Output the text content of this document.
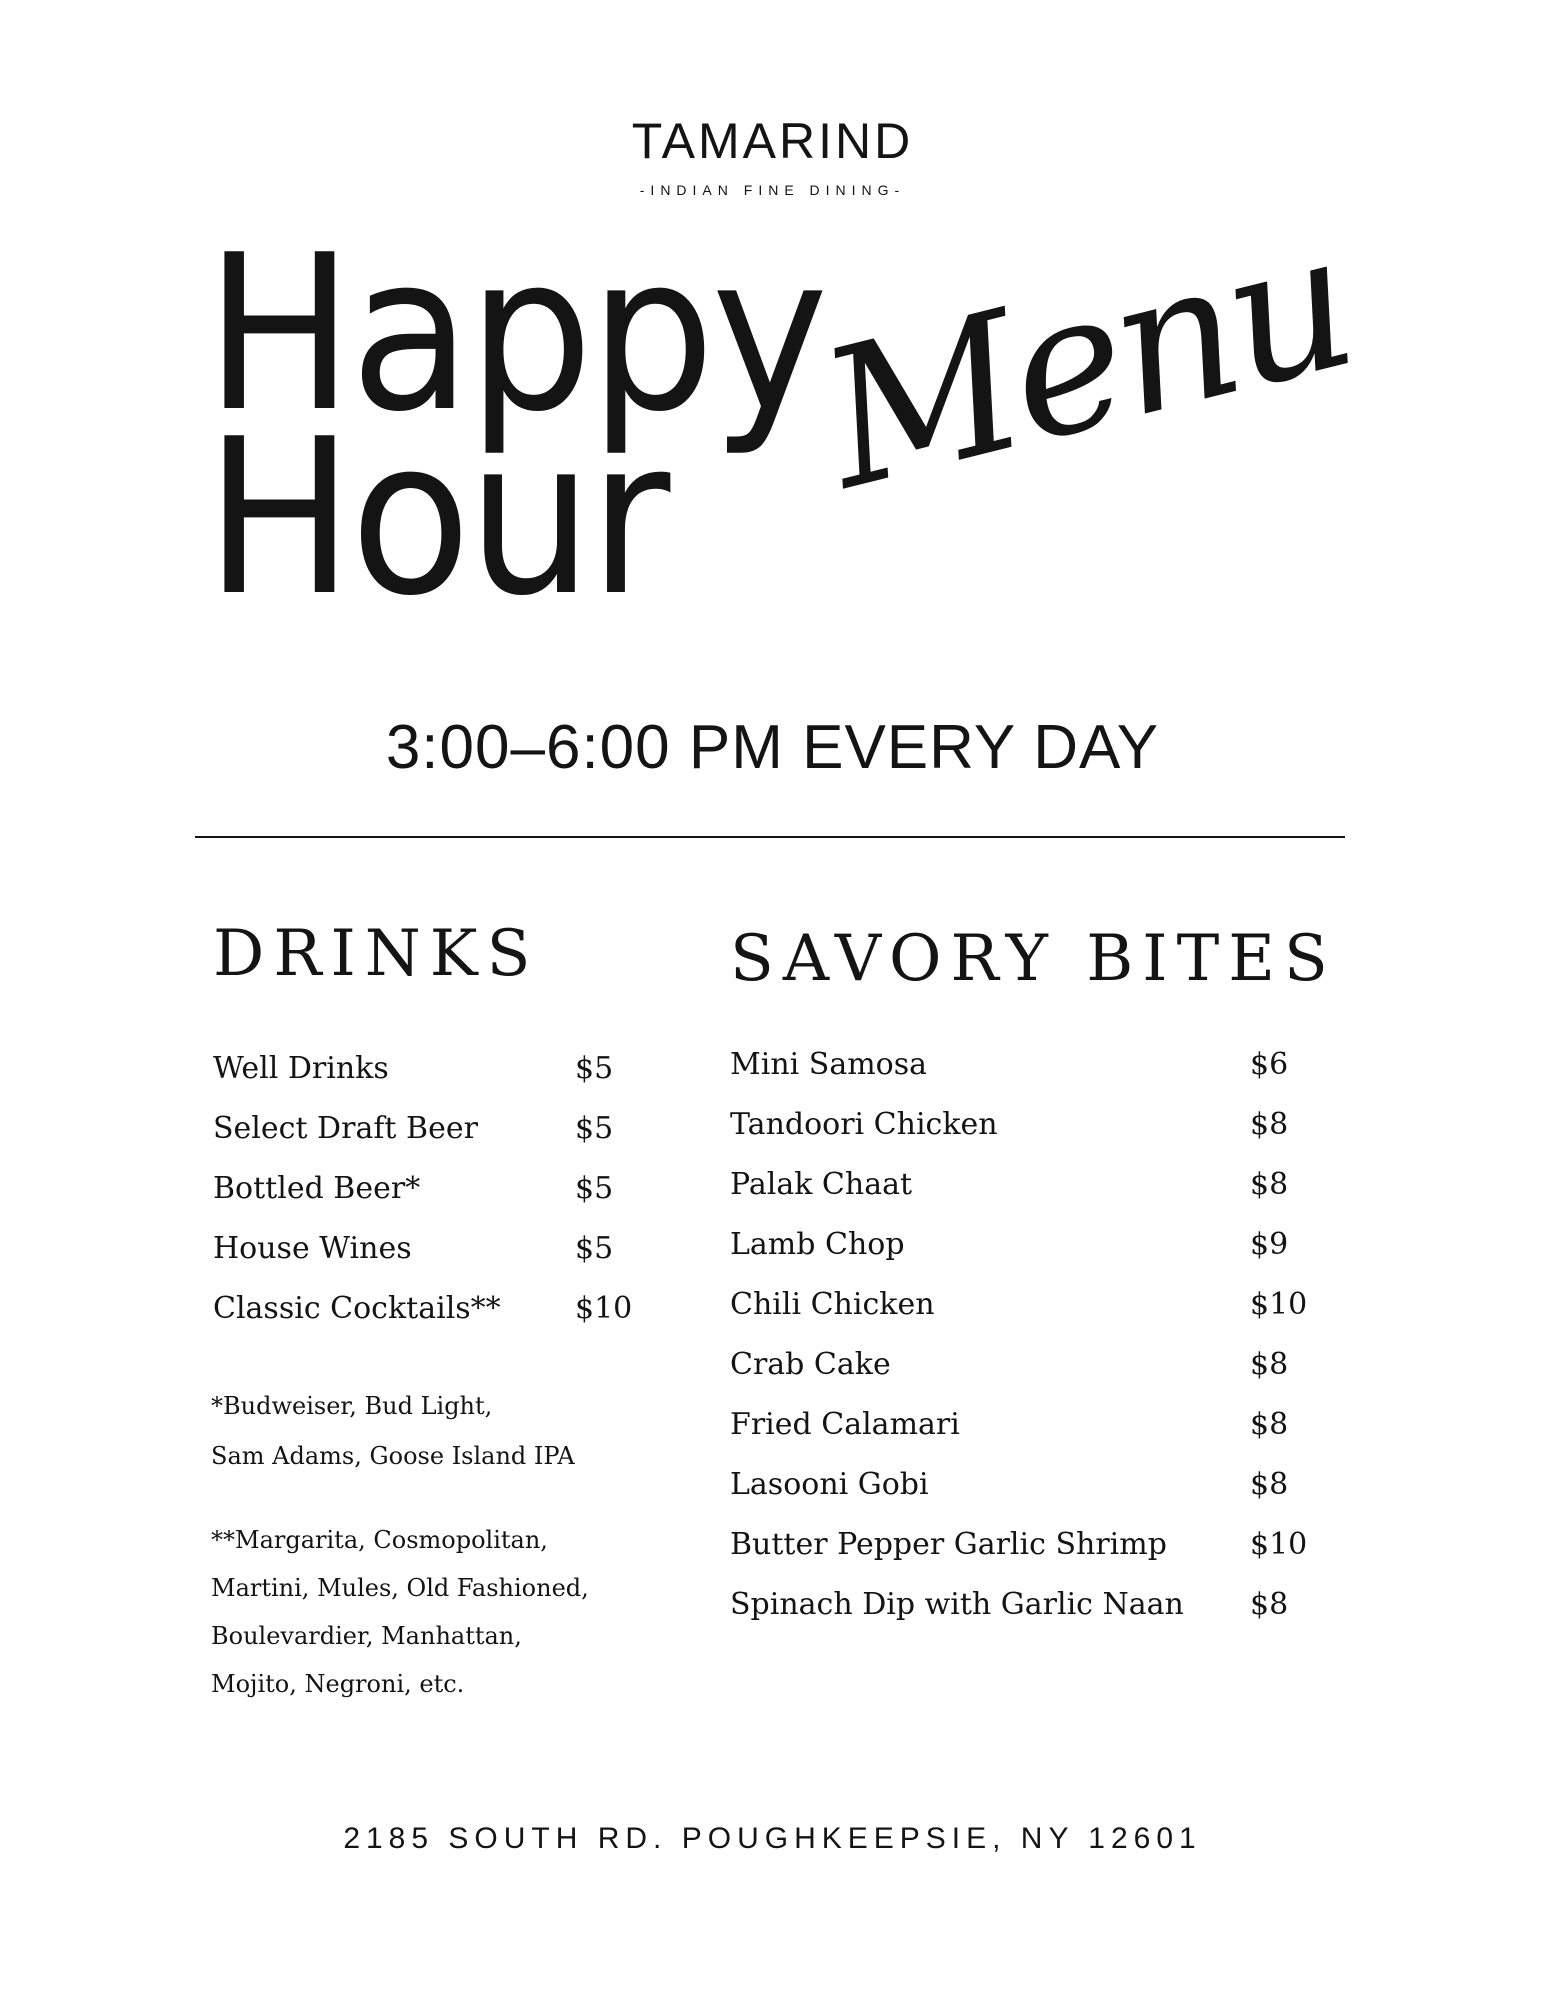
TAMARIND
-INDIAN FINE DINING-
Happy
Hour Menu
3:00–6:00 PM EVERY DAY
DRINKS	SAVORY BITES
Well Drinks	$5
Select Draft Beer	$5
Bottled Beer*	$5
House Wines	$5
Classic Cocktails** $10
*Budweiser, Bud Light,
Sam Adams, Goose Island IPA
**Margarita, Cosmopolitan,
Martini, Mules, Old Fashioned,
Boulevardier, Manhattan,
Mojito, Negroni, etc.
Mini Samosa	$6
Tandoori Chicken	$8
Palak Chaat	$8
Lamb Chop	$9
Chili Chicken	$10
Crab Cake	$8
Fried Calamari	$8
Lasooni Gobi	$8
Butter Pepper Garlic Shrimp	$10
Spinach Dip with Garlic Naan $8
2185 SOUTH RD. POUGHKEEPSIE, NY 12601
